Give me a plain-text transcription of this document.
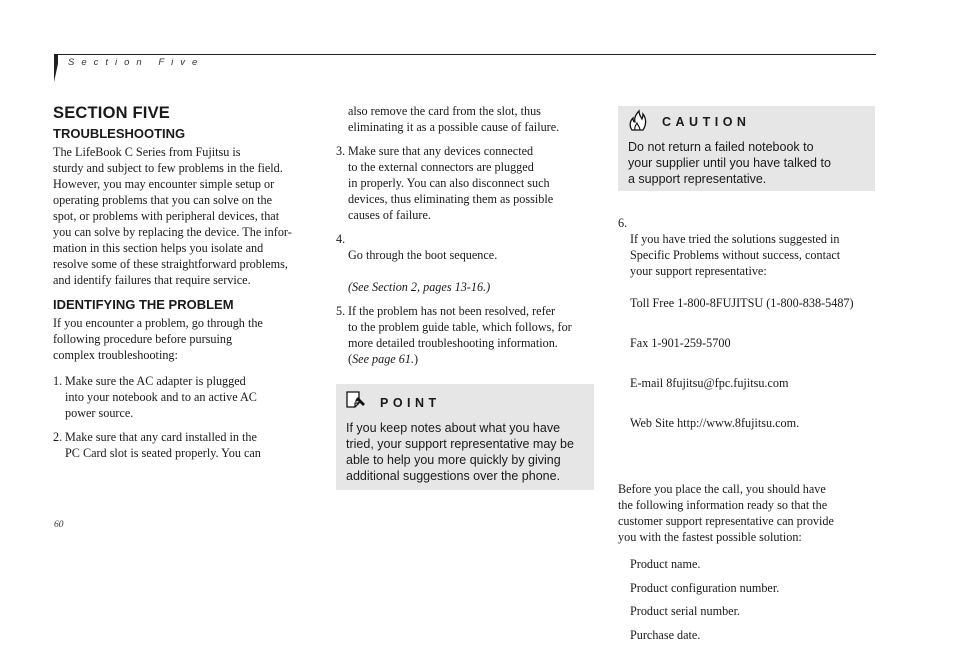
Section Five
SECTION FIVE
TROUBLESHOOTING

The LifeBook C Series from Fujitsu is
sturdy and subject to few problems in the field.
However, you may encounter simple setup or
operating problems that you can solve on the
spot, or problems with peripheral devices, that
you can solve by replacing the device. The infor-
mation in this section helps you isolate and
resolve some of these straightforward problems,
and identify failures that require service.

IDENTIFYING THE PROBLEM

If you encounter a problem, go through the
following procedure before pursuing
complex troubleshooting:

1. Make sure the AC adapter is plugged
into your notebook and to an active AC
power source.
2. Make sure that any card installed in the
PC Card slot is seated properly. You can
also remove the card from the slot, thus
eliminating it as a possible cause of failure.
3. Make sure that any devices connected
to the external connectors are plugged
in properly. You can also disconnect such
devices, thus eliminating them as possible
causes of failure.
4.

Go through the boot sequence.

(See Section 2, pages 13-16.)

5. If the problem has not been resolved, refer
to the problem guide table, which follows, for
more detailed troubleshooting information.
(See page 61.)
POINT
If you keep notes about what you have
tried, your support representative may be
able to help you more quickly by giving
additional suggestions over the phone.
CAUTION
Do not return a failed notebook to
your supplier until you have talked to
a support representative.
6.

If you have tried the solutions suggested in
Specific Problems without success, contact
your support representative:

Toll Free 1-800-8FUJITSU (1-800-838-5487)

Fax 1-901-259-5700

E-mail 8fujitsu@fpc.fujitsu.com

Web Site http://www.8fujitsu.com.

Before you place the call, you should have
the following information ready so that the
customer support representative can provide
you with the fastest possible solution:

Product name.
Product configuration number.
Product serial number.
Purchase date.
60
